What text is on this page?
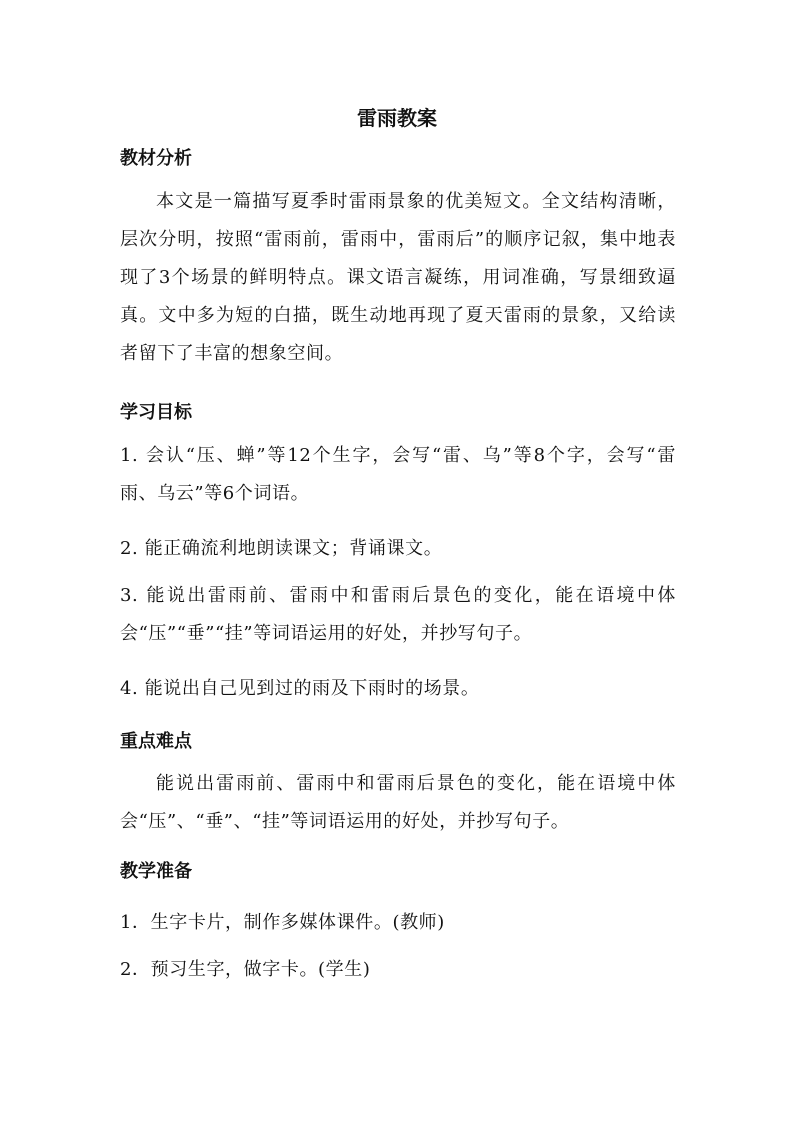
雷雨教案
教材分析
本文是一篇描写夏季时雷雨景象的优美短文。全文结构清晰，层次分明，按照“雷雨前，雷雨中，雷雨后”的顺序记叙，集中地表现了3个场景的鲜明特点。课文语言凝练，用词准确，写景细致逼真。文中多为短的白描，既生动地再现了夏天雷雨的景象，又给读者留下了丰富的想象空间。
学习目标
1. 会认“压、蝉”等12个生字，会写“雷、乌”等8个字，会写“雷雨、乌云”等6个词语。
2. 能正确流利地朗读课文；背诵课文。
3. 能说出雷雨前、雷雨中和雷雨后景色的变化，能在语境中体会“压”“垂”“挂”等词语运用的好处，并抄写句子。
4. 能说出自己见到过的雨及下雨时的场景。
重点难点
能说出雷雨前、雷雨中和雷雨后景色的变化，能在语境中体会“压”、“垂”、“挂”等词语运用的好处，并抄写句子。
教学准备
1．生字卡片，制作多媒体课件。(教师)
2．预习生字，做字卡。(学生)
